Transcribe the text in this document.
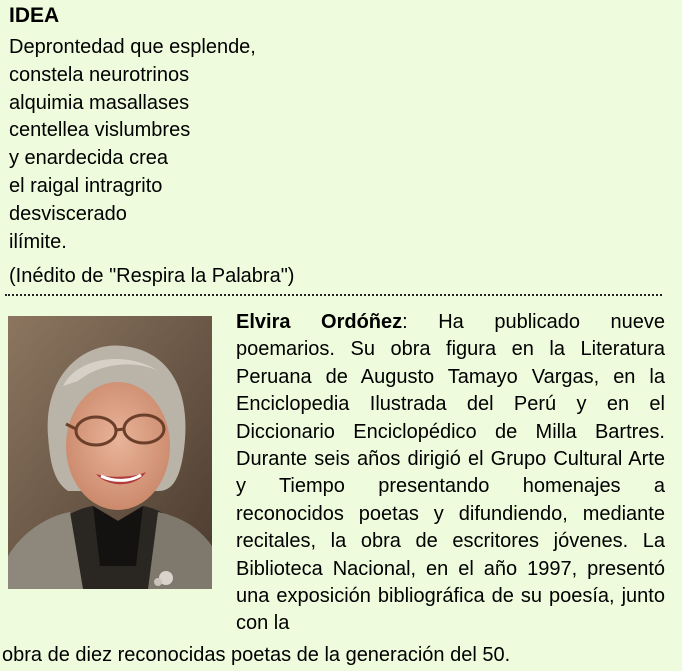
IDEA
Deprontedad que esplende,
constela neurotrinos
alquimia masallases
centellea vislumbres
y enardecida crea
el raigal intragrito
desviscerado
ilímite.
(Inédito de "Respira la Palabra")
Elvira Ordóñez: Ha publicado nueve poemarios. Su obra figura en la Literatura Peruana de Augusto Tamayo Vargas, en la Enciclopedia Ilustrada del Perú y en el Diccionario Enciclopédico de Milla Bartres. Durante seis años dirigió el Grupo Cultural Arte y Tiempo presentando homenajes a reconocidos poetas y difundiendo, mediante recitales, la obra de escritores jóvenes. La Biblioteca Nacional, en el año 1997, presentó una exposición bibliográfica de su poesía, junto con la
obra de diez reconocidas poetas de la generación del 50.
